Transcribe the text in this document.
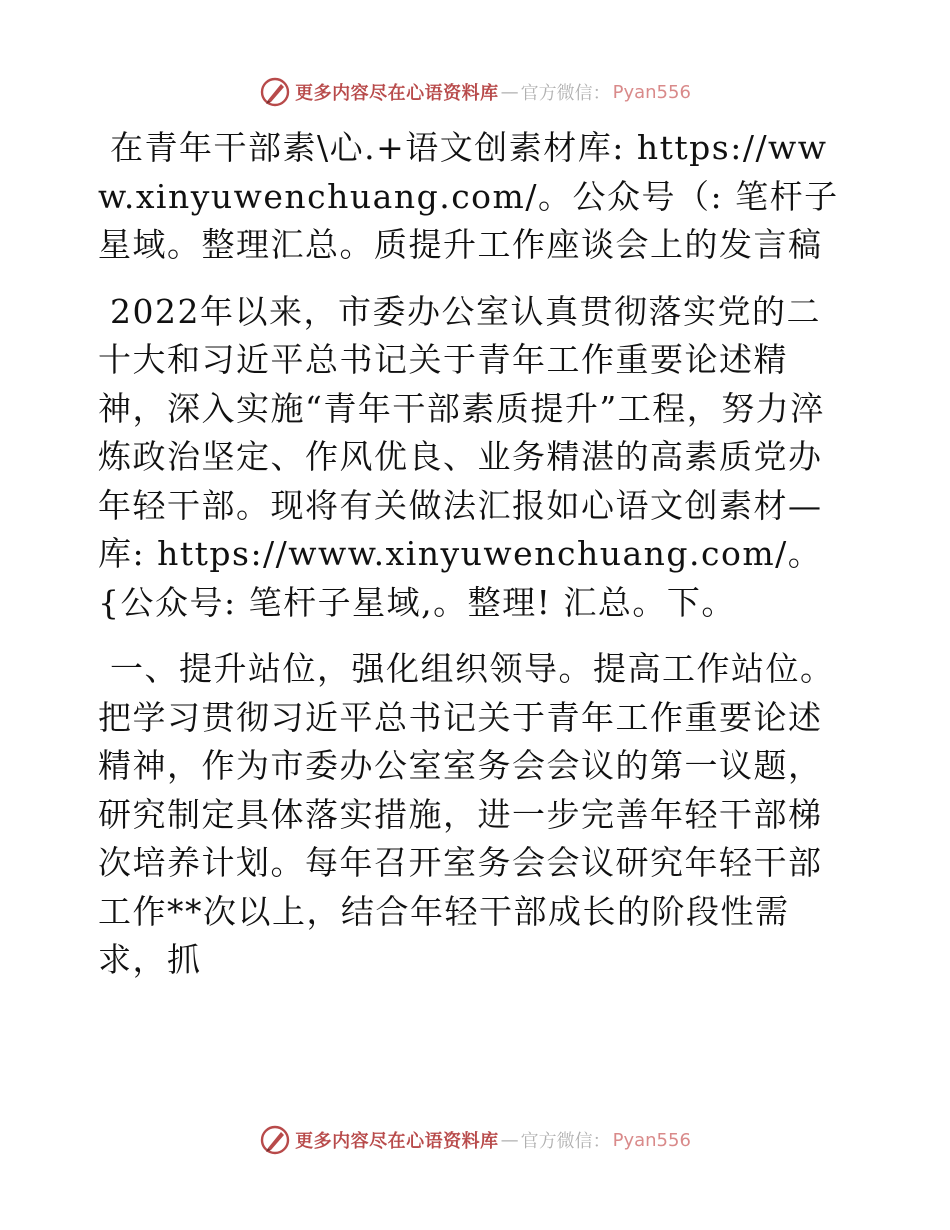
更多内容尽在心语资料库 — 官方微信： Pyan556

在青年干部素\心.+语文创素材库: https://www.xinyuwenchuang.com/。公众号（: 笔杆子星域。整理汇总。质提升工作座谈会上的发言稿

2022年以来，市委办公室认真贯彻落实党的二十大和习近平总书记关于青年工作重要论述精神，深入实施“青年干部素质提升”工程，努力淬炼政治坚定、作风优良、业务精湛的高素质党办年轻干部。现将有关做法汇报如心语文创素材—库: https://www.xinyuwenchuang.com/。{公众号: 笔杆子星域,。整理! 汇总。下。

一、提升站位，强化组织领导。提高工作站位。把学习贯彻习近平总书记关于青年工作重要论述精神，作为市委办公室室务会会议的第一议题，研究制定具体落实措施，进一步完善年轻干部梯次培养计划。每年召开室务会会议研究年轻干部工作**次以上，结合年轻干部成长的阶段性需求，抓

更多内容尽在心语资料库 — 官方微信： Pyan556
